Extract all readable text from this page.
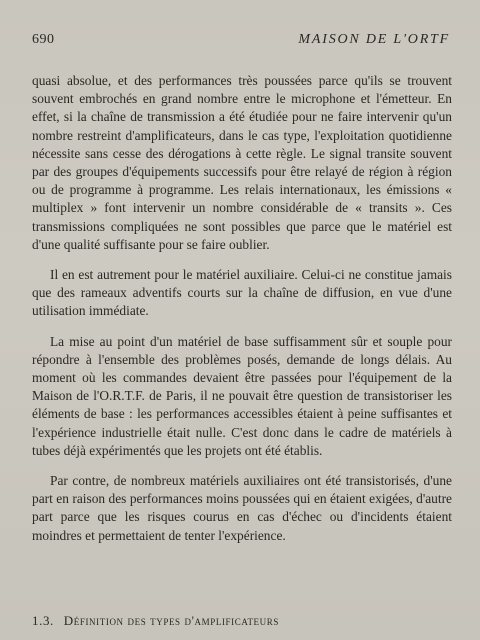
690	MAISON DE L'ORTF

quasi absolue, et des performances très poussées parce qu'ils se trouvent souvent embrochés en grand nombre entre le microphone et l'émetteur. En effet, si la chaîne de transmission a été étudiée pour ne faire intervenir qu'un nombre restreint d'amplificateurs, dans le cas type, l'exploitation quotidienne nécessite sans cesse des dérogations à cette règle. Le signal transite souvent par des groupes d'équipements successifs pour être relayé de région à région ou de programme à programme. Les relais internationaux, les émissions « multiplex » font intervenir un nombre considérable de « transits ». Ces transmissions compliquées ne sont possibles que parce que le matériel est d'une qualité suffisante pour se faire oublier.

Il en est autrement pour le matériel auxiliaire. Celui-ci ne constitue jamais que des rameaux adventifs courts sur la chaîne de diffusion, en vue d'une utilisation immédiate.

La mise au point d'un matériel de base suffisamment sûr et souple pour répondre à l'ensemble des problèmes posés, demande de longs délais. Au moment où les commandes devaient être passées pour l'équipement de la Maison de l'O.R.T.F. de Paris, il ne pouvait être question de transistoriser les éléments de base : les performances accessibles étaient à peine suffisantes et l'expérience industrielle était nulle. C'est donc dans le cadre de matériels à tubes déjà expérimentés que les projets ont été établis.

Par contre, de nombreux matériels auxiliaires ont été transistorisés, d'une part en raison des performances moins poussées qui en étaient exigées, d'autre part parce que les risques courus en cas d'échec ou d'incidents étaient moindres et permettaient de tenter l'expérience.

1.3. Définition des types d'amplificateurs
